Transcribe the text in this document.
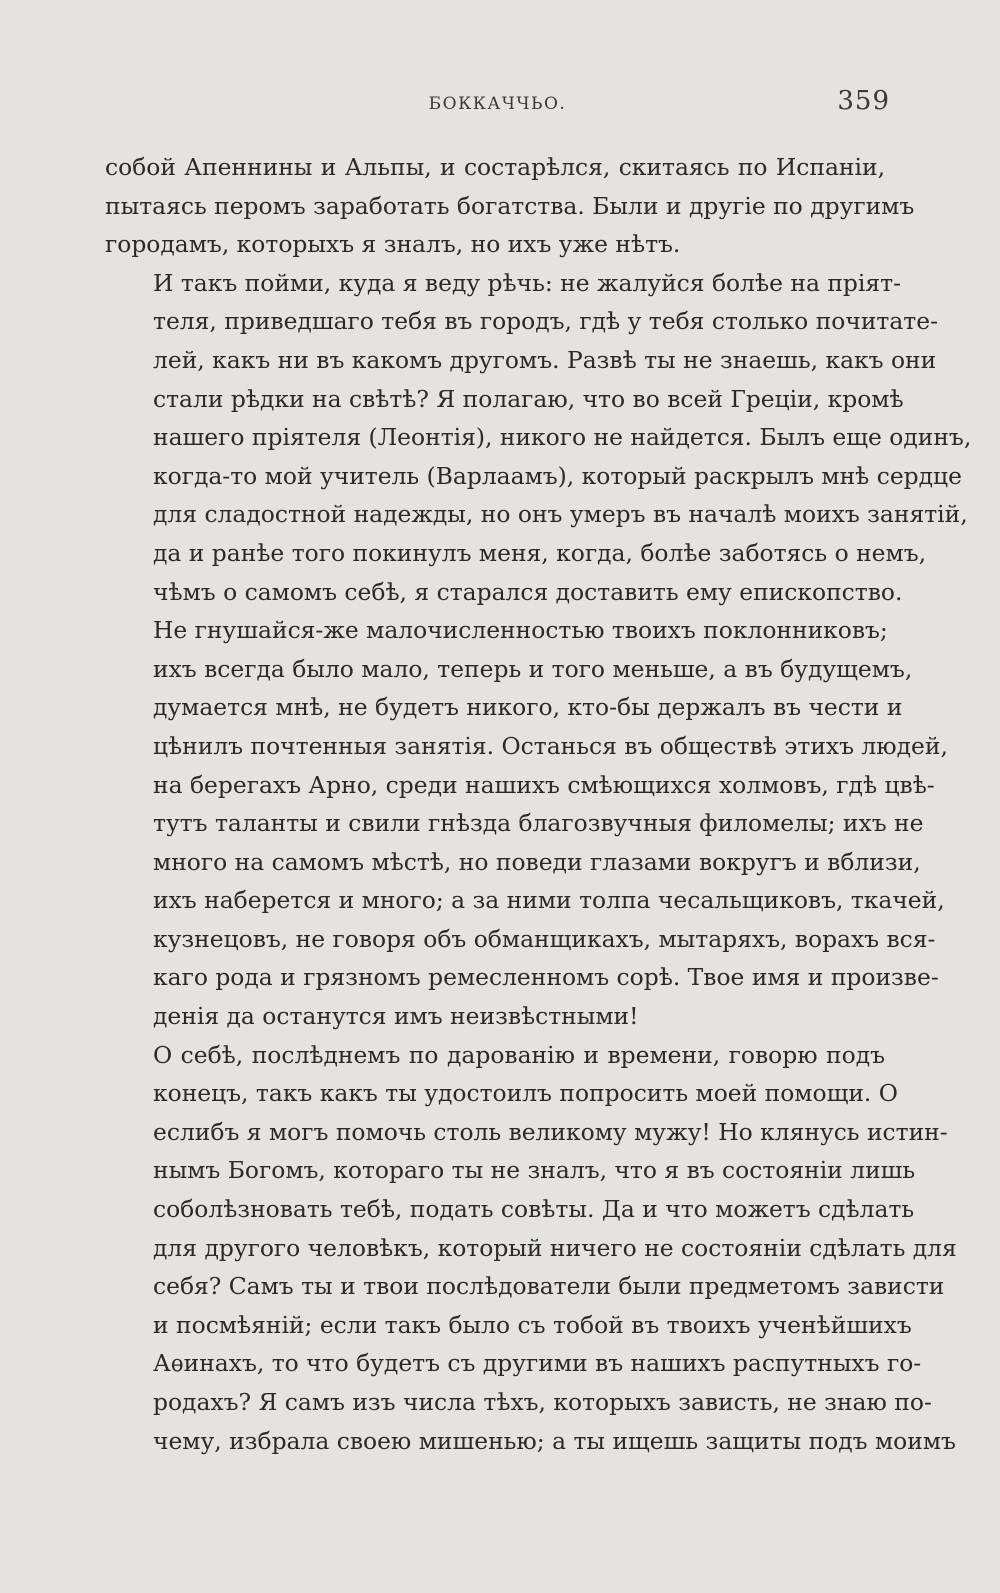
БОККАЧЧЬО.	359
собой Апеннины и Альпы, и состарѣлся, скитаясь по Испаніи,
пытаясь перомъ заработать богатства. Были и другіе по другимъ
городамъ, которыхъ я зналъ, но ихъ уже нѣтъ.
И такъ пойми, куда я веду рѣчь: не жалуйся болѣе на пріят-
теля, приведшаго тебя въ городъ, гдѣ у тебя столько почитате-
лей, какъ ни въ какомъ другомъ. Развѣ ты не знаешь, какъ они
стали рѣдки на свѣтѣ? Я полагаю, что во всей Греціи, кромѣ
нашего пріятеля (Леонтія), никого не найдется. Былъ еще одинъ,
когда-то мой учитель (Варлаамъ), который раскрылъ мнѣ сердце
для сладостной надежды, но онъ умеръ въ началѣ моихъ занятій,
да и ранѣе того покинулъ меня, когда, болѣе заботясь о немъ,
чѣмъ о самомъ себѣ, я старался доставить ему епископство.
Не гнушайся-же малочисленностью твоихъ поклонниковъ;
ихъ всегда было мало, теперь и того меньше, а въ будущемъ,
думается мнѣ, не будетъ никого, кто-бы держалъ въ чести и
цѣнилъ почтенныя занятія. Останься въ обществѣ этихъ людей,
на берегахъ Арно, среди нашихъ смѣющихся холмовъ, гдѣ цвѣ-
тутъ таланты и свили гнѣзда благозвучныя филомелы; ихъ не
много на самомъ мѣстѣ, но поведи глазами вокругъ и вблизи,
ихъ наберется и много; а за ними толпа чесальщиковъ, ткачей,
кузнецовъ, не говоря объ обманщикахъ, мытаряхъ, ворахъ вся-
каго рода и грязномъ ремесленномъ сорѣ. Твое имя и произве-
денія да останутся имъ неизвѣстными!
О себѣ, послѣднемъ по дарованію и времени, говорю подъ
конецъ, такъ какъ ты удостоилъ попросить моей помощи. О
еслибъ я могъ помочь столь великому мужу! Но клянусь истин-
нымъ Богомъ, котораго ты не зналъ, что я въ состояніи лишь
соболѣзновать тебѣ, подать совѣты. Да и что можетъ сдѣлать
для другого человѣкъ, который ничего не состояніи сдѣлать для
себя? Самъ ты и твои послѣдователи были предметомъ зависти
и посмѣяній; если такъ было съ тобой въ твоихъ ученѣйшихъ
Аѳинахъ, то что будетъ съ другими въ нашихъ распутныхъ го-
родахъ? Я самъ изъ числа тѣхъ, которыхъ зависть, не знаю по-
чему, избрала своею мишенью; а ты ищешь защиты подъ моимъ
